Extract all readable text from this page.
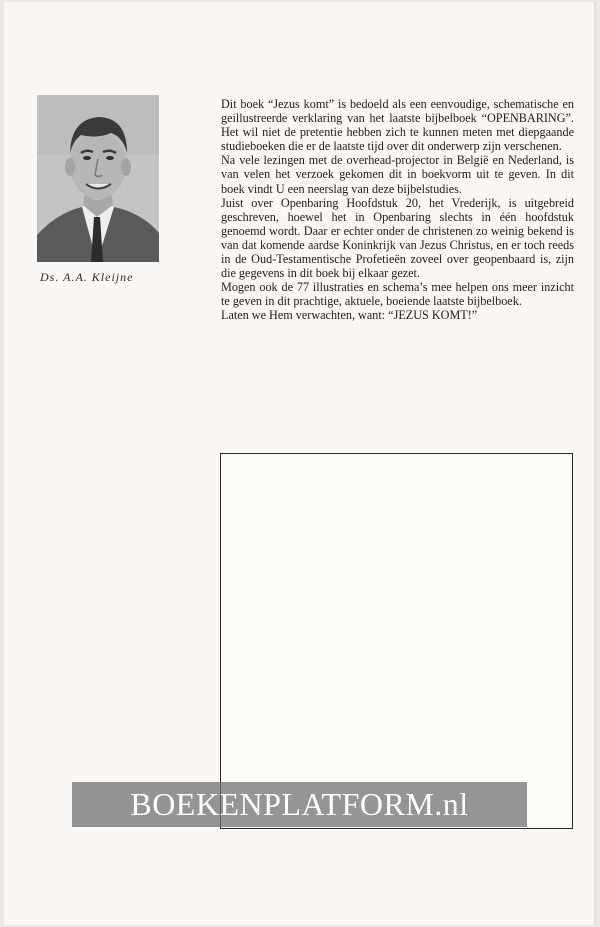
Ds. A.A. Kleijne

Dit boek “Jezus komt” is bedoeld als een eenvoudige, schematische en geillustreerde verklaring van het laatste bijbelboek “OPENBARING”. Het wil niet de pretentie hebben zich te kunnen meten met diepgaande studieboeken die er de laatste tijd over dit onderwerp zijn verschenen.

Na vele lezingen met de overhead-projector in België en Nederland, is van velen het verzoek gekomen dit in boekvorm uit te geven. In dit boek vindt U een neerslag van deze bijbelstudies.

Juist over Openbaring Hoofdstuk 20, het Vrederijk, is uitgebreid geschreven, hoewel het in Openbaring slechts in één hoofdstuk genoemd wordt. Daar er echter onder de christenen zo weinig bekend is van dat komende aardse Koninkrijk van Jezus Christus, en er toch reeds in de Oud-Testamentische Profetieën zoveel over geopenbaard is, zijn die gegevens in dit boek bij elkaar gezet.

Mogen ook de 77 illustraties en schema’s mee helpen ons meer inzicht te geven in dit prachtige, aktuele, boeiende laatste bijbelboek.

Laten we Hem verwachten, want: “JEZUS KOMT!”

BOEKENPLATFORM.nl
